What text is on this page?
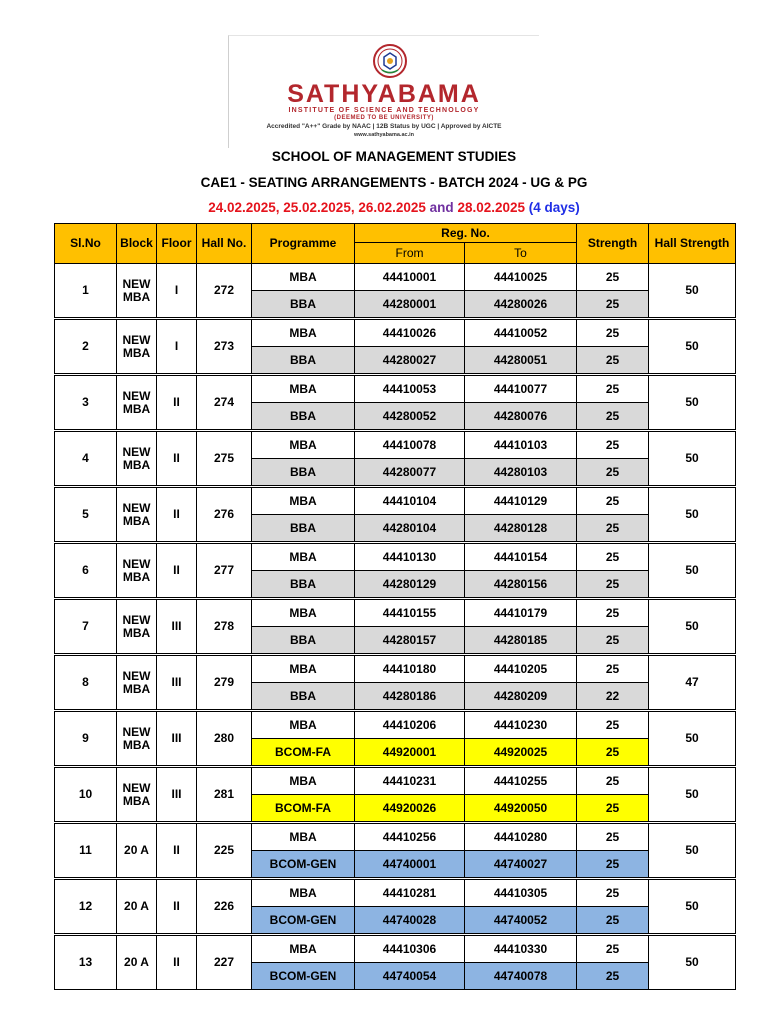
SATHYABAMA
INSTITUTE OF SCIENCE AND TECHNOLOGY
(DEEMED TO BE UNIVERSITY)
Accredited "A++" Grade by NAAC | 12B Status by UGC | Approved by AICTE
www.sathyabama.ac.in
SCHOOL OF MANAGEMENT STUDIES
CAE1 - SEATING ARRANGEMENTS - BATCH 2024 - UG & PG
24.02.2025, 25.02.2025, 26.02.2025 and 28.02.2025 (4 days)
Sl.No	Block	Floor	Hall No.	Programme	Reg. No.		Strength	Hall Strength
					From	To		
1	NEW MBA	I	272	MBA	44410001	44410025	25	50
				BBA	44280001	44280026	25	

2	NEW MBA	I	273	MBA	44410026	44410052	25	50
				BBA	44280027	44280051	25	

3	NEW MBA	II	274	MBA	44410053	44410077	25	50
				BBA	44280052	44280076	25	

4	NEW MBA	II	275	MBA	44410078	44410103	25	50
				BBA	44280077	44280103	25	

5	NEW MBA	II	276	MBA	44410104	44410129	25	50
				BBA	44280104	44280128	25	

6	NEW MBA	II	277	MBA	44410130	44410154	25	50
				BBA	44280129	44280156	25	

7	NEW MBA	III	278	MBA	44410155	44410179	25	50
				BBA	44280157	44280185	25	

8	NEW MBA	III	279	MBA	44410180	44410205	25	47
				BBA	44280186	44280209	22	

9	NEW MBA	III	280	MBA	44410206	44410230	25	50
				BCOM-FA	44920001	44920025	25	

10	NEW MBA	III	281	MBA	44410231	44410255	25	50
				BCOM-FA	44920026	44920050	25	

11	20 A	II	225	MBA	44410256	44410280	25	50
				BCOM-GEN	44740001	44740027	25	

12	20 A	II	226	MBA	44410281	44410305	25	50
				BCOM-GEN	44740028	44740052	25	

13	20 A	II	227	MBA	44410306	44410330	25	50
				BCOM-GEN	44740054	44740078	25	
